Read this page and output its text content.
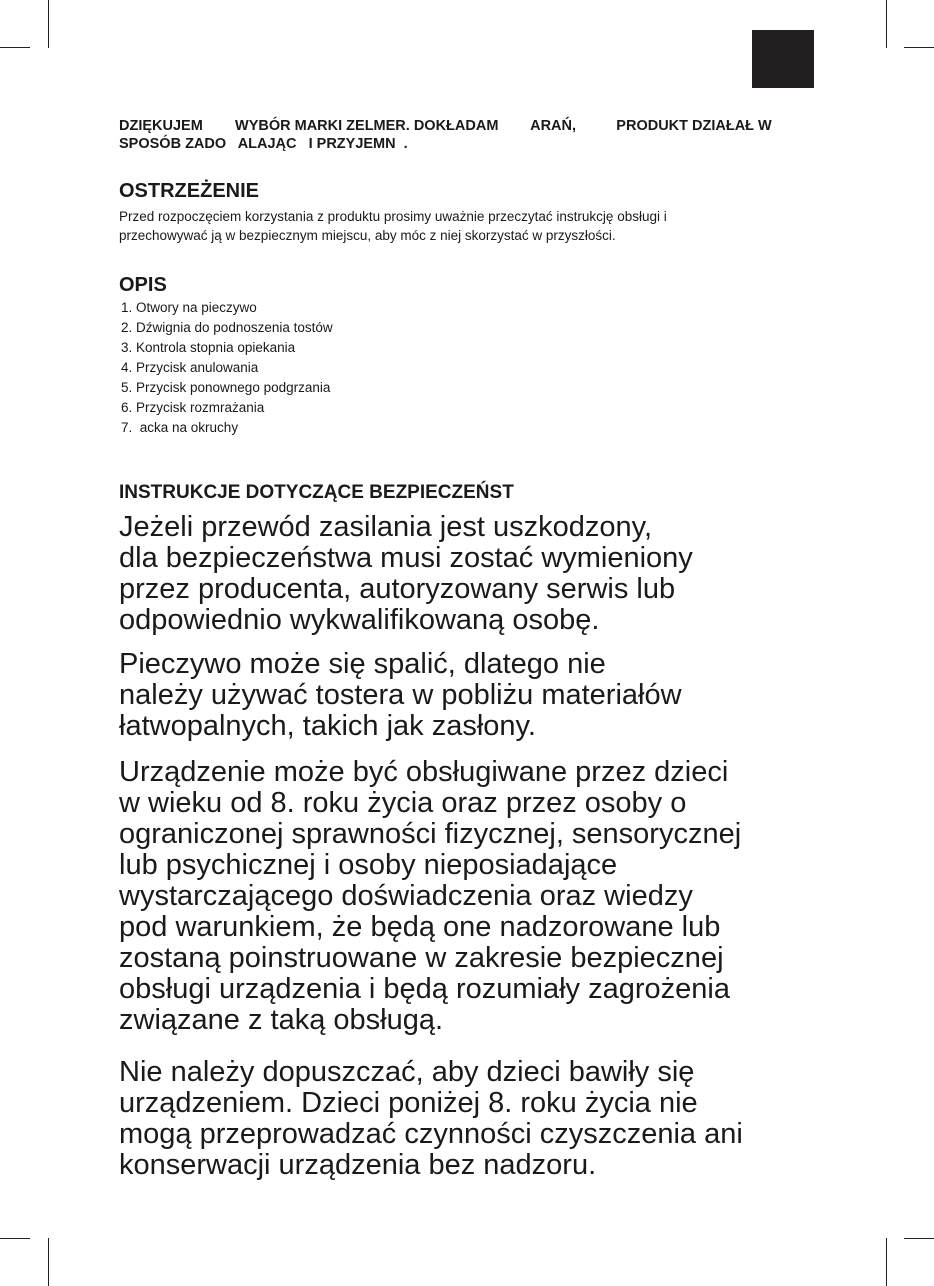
DZIĘKUJEM        WYBÓR MARKI ZELMER. DOKŁADAM        ARAŃ,          PRODUKT DZIAŁAŁ W
SPOSÓB ZADO   ALAJĄC   I PRZYJEMN  .
OSTRZEŻENIE
Przed rozpoczęciem korzystania z produktu prosimy uważnie przeczytać instrukcję obsługi i
przechowywać ją w bezpiecznym miejscu, aby móc z niej skorzystać w przyszłości.
OPIS
1. Otwory na pieczywo
2. Dźwignia do podnoszenia tostów
3. Kontrola stopnia opiekania
4. Przycisk anulowania
5. Przycisk ponownego podgrzania
6. Przycisk rozmrażania
7.  acka na okruchy
INSTRUKCJE DOTYCZĄCE BEZPIECZEŃST
Jeżeli przewód zasilania jest uszkodzony,
dla bezpieczeństwa musi zostać wymieniony
przez producenta, autoryzowany serwis lub
odpowiednio wykwalifikowaną osobę.
Pieczywo może się spalić, dlatego nie
należy używać tostera w pobliżu materiałów
łatwopalnych, takich jak zasłony.
Urządzenie może być obsługiwane przez dzieci
w wieku od 8. roku życia oraz przez osoby o
ograniczonej sprawności fizycznej, sensorycznej
lub psychicznej i osoby nieposiadające
wystarczającego doświadczenia oraz wiedzy
pod warunkiem, że będą one nadzorowane lub
zostaną poinstruowane w zakresie bezpiecznej
obsługi urządzenia i będą rozumiały zagrożenia
związane z taką obsługą.
Nie należy dopuszczać, aby dzieci bawiły się
urządzeniem. Dzieci poniżej 8. roku życia nie
mogą przeprowadzać czynności czyszczenia ani
konserwacji urządzenia bez nadzoru.
